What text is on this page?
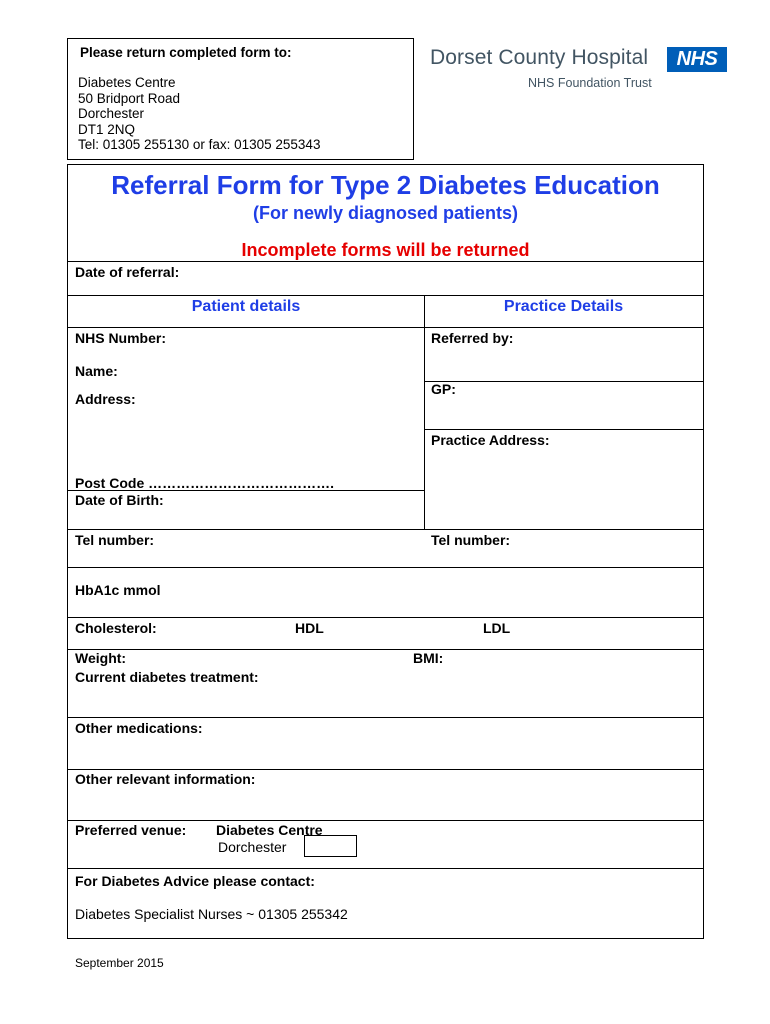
Please return completed form to:
Diabetes Centre
50 Bridport Road
Dorchester
DT1 2NQ
Tel: 01305 255130 or fax: 01305 255343
Dorset County Hospital	NHS
NHS Foundation Trust
Referral Form for Type 2 Diabetes Education
(For newly diagnosed patients)
Incomplete forms will be returned
Date of referral:
Patient details	Practice Details
NHS Number:
Name:
Address:
Post Code ………………………………….
Date of Birth:
Referred by:
GP:
Practice Address:
Tel number:	Tel number:
HbA1c mmol
Cholesterol:	HDL	LDL
Weight:	BMI:
Current diabetes treatment:
Other medications:
Other relevant information:
Preferred venue: Diabetes Centre
Dorchester
For Diabetes Advice please contact:
Diabetes Specialist Nurses ~ 01305 255342
September 2015
